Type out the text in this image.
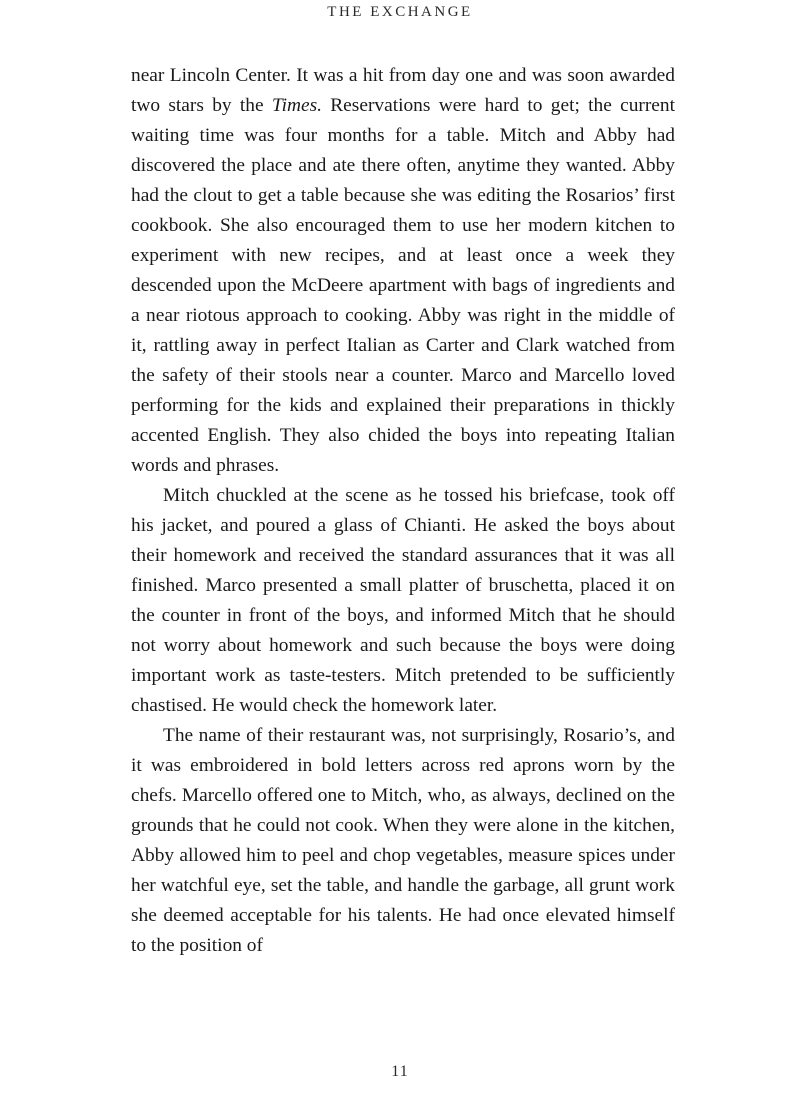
THE EXCHANGE

near Lincoln Center. It was a hit from day one and was soon awarded two stars by the Times. Reservations were hard to get; the current waiting time was four months for a table. Mitch and Abby had discovered the place and ate there often, anytime they wanted. Abby had the clout to get a table because she was editing the Rosarios’ first cookbook. She also encouraged them to use her modern kitchen to experiment with new recipes, and at least once a week they descended upon the McDeere apartment with bags of ingredients and a near riotous approach to cooking. Abby was right in the middle of it, rattling away in perfect Italian as Carter and Clark watched from the safety of their stools near a counter. Marco and Marcello loved performing for the kids and explained their preparations in thickly accented English. They also chided the boys into repeating Italian words and phrases.

Mitch chuckled at the scene as he tossed his briefcase, took off his jacket, and poured a glass of Chianti. He asked the boys about their homework and received the standard assurances that it was all finished. Marco presented a small platter of bruschetta, placed it on the counter in front of the boys, and informed Mitch that he should not worry about homework and such because the boys were doing important work as taste-testers. Mitch pretended to be sufficiently chastised. He would check the homework later.

The name of their restaurant was, not surprisingly, Rosario’s, and it was embroidered in bold letters across red aprons worn by the chefs. Marcello offered one to Mitch, who, as always, declined on the grounds that he could not cook. When they were alone in the kitchen, Abby allowed him to peel and chop vegetables, measure spices under her watchful eye, set the table, and handle the garbage, all grunt work she deemed acceptable for his talents. He had once elevated himself to the position of

11
